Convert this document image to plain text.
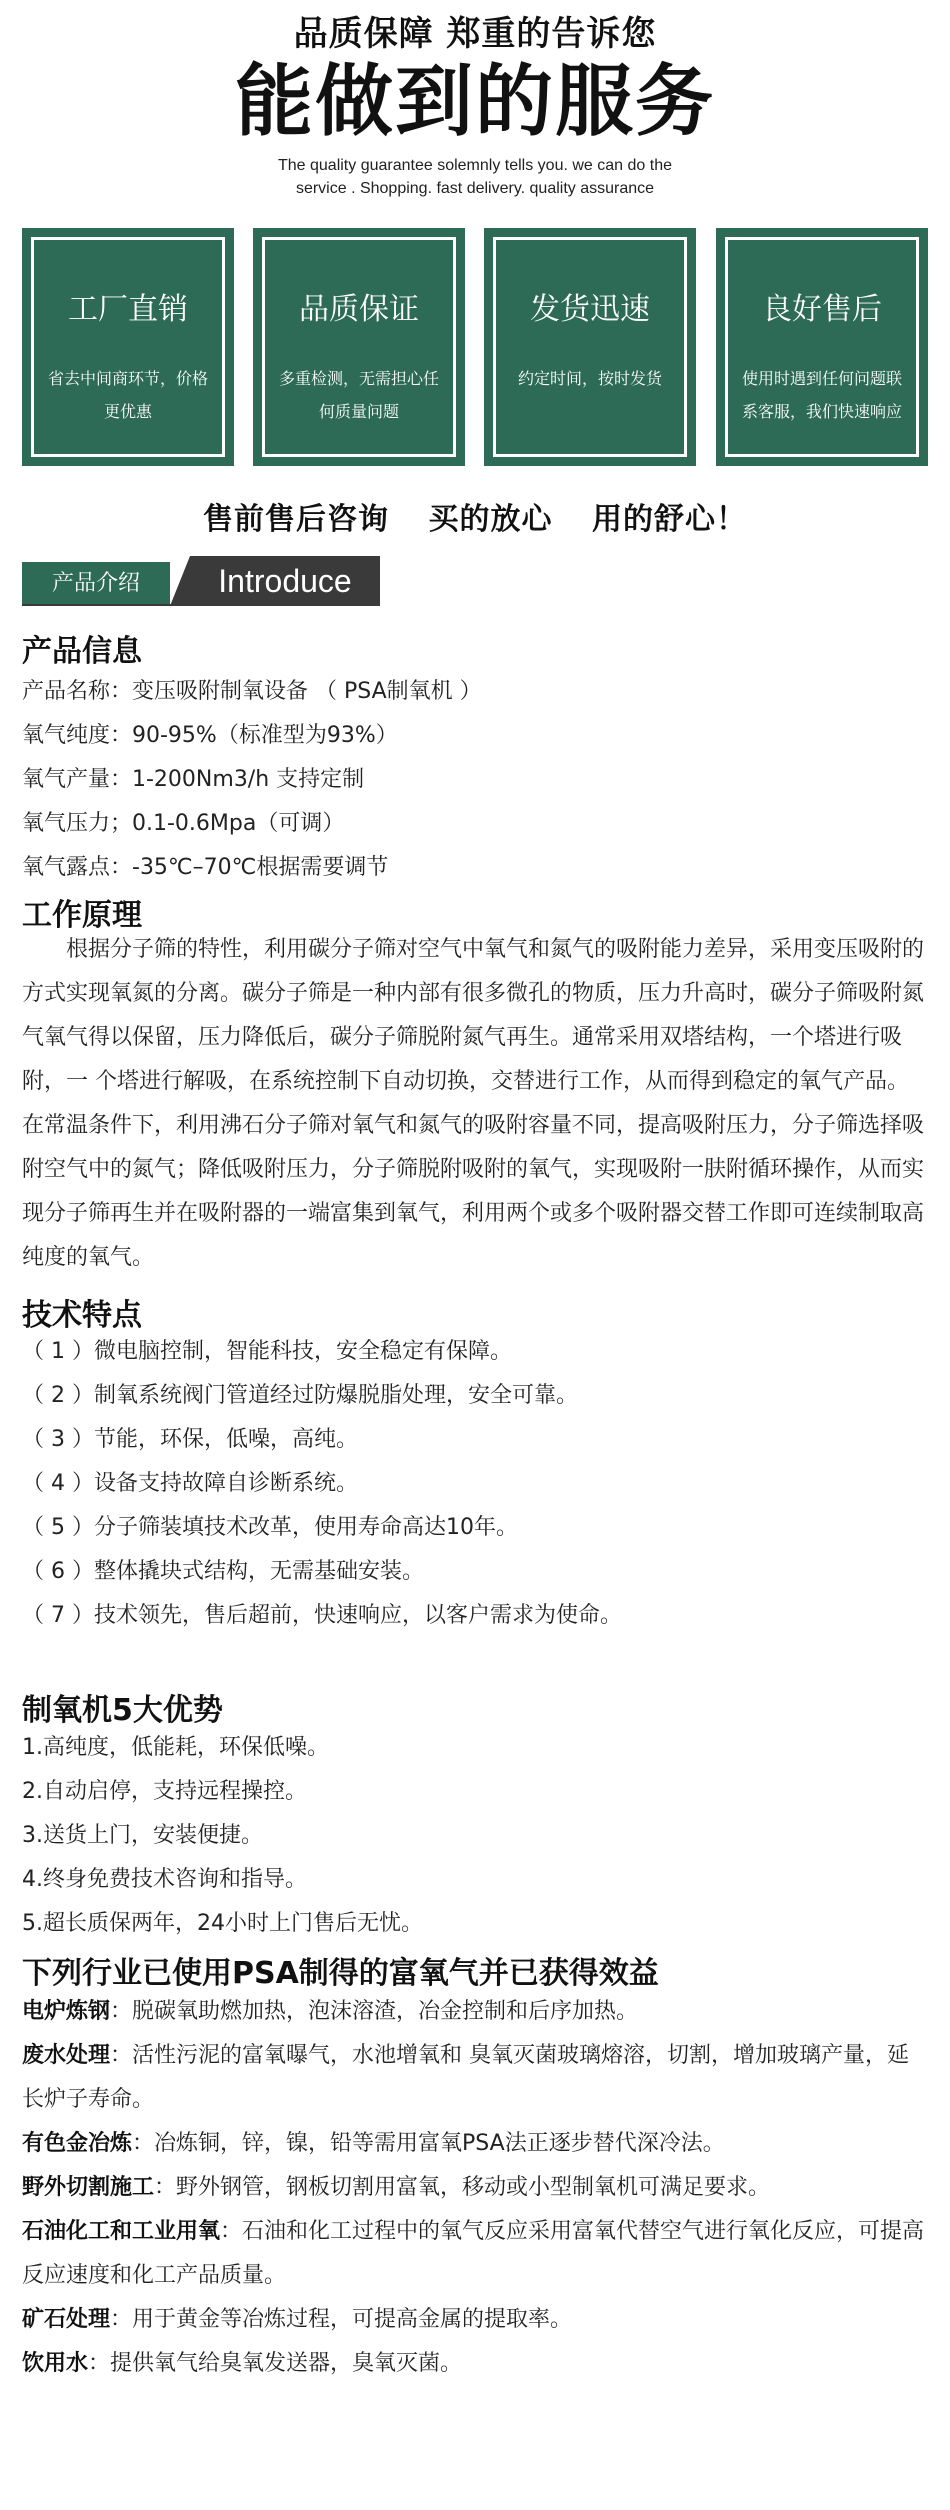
品质保障 郑重的告诉您
能做到的服务
The quality guarantee solemnly tells you. we can do the
service . Shopping. fast delivery. quality assurance
工厂直销
省去中间商环节，价格更优惠
品质保证
多重检测，无需担心任何质量问题
发货迅速
约定时间，按时发货
良好售后
使用时遇到任何问题联系客服，我们快速响应
售前售后咨询 买的放心 用的舒心！
产品介绍	Introduce
产品信息
产品名称：变压吸附制氧设备 （ PSA制氧机 ）
氧气纯度：90-95%（标准型为93%）
氧气产量：1-200Nm3/h 支持定制
氧气压力；0.1-0.6Mpa（可调）
氧气露点：-35℃–70℃根据需要调节
工作原理
根据分子筛的特性，利用碳分子筛对空气中氧气和氮气的吸附能力差异，采用变压吸附的方式实现氧氮的分离。碳分子筛是一种内部有很多微孔的物质，压力升高时，碳分子筛吸附氮气氧气得以保留，压力降低后，碳分子筛脱附氮气再生。通常采用双塔结构，一个塔进行吸附，一 个塔进行解吸，在系统控制下自动切换，交替进行工作，从而得到稳定的氧气产品。在常温条件下，利用沸石分子筛对氧气和氮气的吸附容量不同，提高吸附压力，分子筛选择吸附空气中的氮气；降低吸附压力，分子筛脱附吸附的氧气，实现吸附一肤附循环操作，从而实现分子筛再生并在吸附器的一端富集到氧气，利用两个或多个吸附器交替工作即可连续制取高纯度的氧气。
技术特点
（ 1 ）微电脑控制，智能科技，安全稳定有保障。
（ 2 ）制氧系统阀门管道经过防爆脱脂处理，安全可靠。
（ 3 ）节能，环保，低噪，高纯。
（ 4 ）设备支持故障自诊断系统。
（ 5 ）分子筛装填技术改革，使用寿命高达10年。
（ 6 ）整体撬块式结构，无需基础安装。
（ 7 ）技术领先，售后超前，快速响应，以客户需求为使命。
制氧机5大优势
1.高纯度，低能耗，环保低噪。
2.自动启停，支持远程操控。
3.送货上门，安装便捷。
4.终身免费技术咨询和指导。
5.超长质保两年，24小时上门售后无忧。
下列行业已使用PSA制得的富氧气并已获得效益
电炉炼钢：脱碳氧助燃加热，泡沫溶渣，冶金控制和后序加热。
废水处理：活性污泥的富氧曝气，水池增氧和 臭氧灭菌玻璃熔溶，切割，增加玻璃产量，延长炉子寿命。
有色金冶炼：冶炼铜，锌，镍，铅等需用富氧PSA法正逐步替代深冷法。
野外切割施工：野外钢管，钢板切割用富氧，移动或小型制氧机可满足要求。
石油化工和工业用氧：石油和化工过程中的氧气反应采用富氧代替空气进行氧化反应，可提高反应速度和化工产品质量。
矿石处理：用于黄金等冶炼过程，可提高金属的提取率。
饮用水：提供氧气给臭氧发送器，臭氧灭菌。
